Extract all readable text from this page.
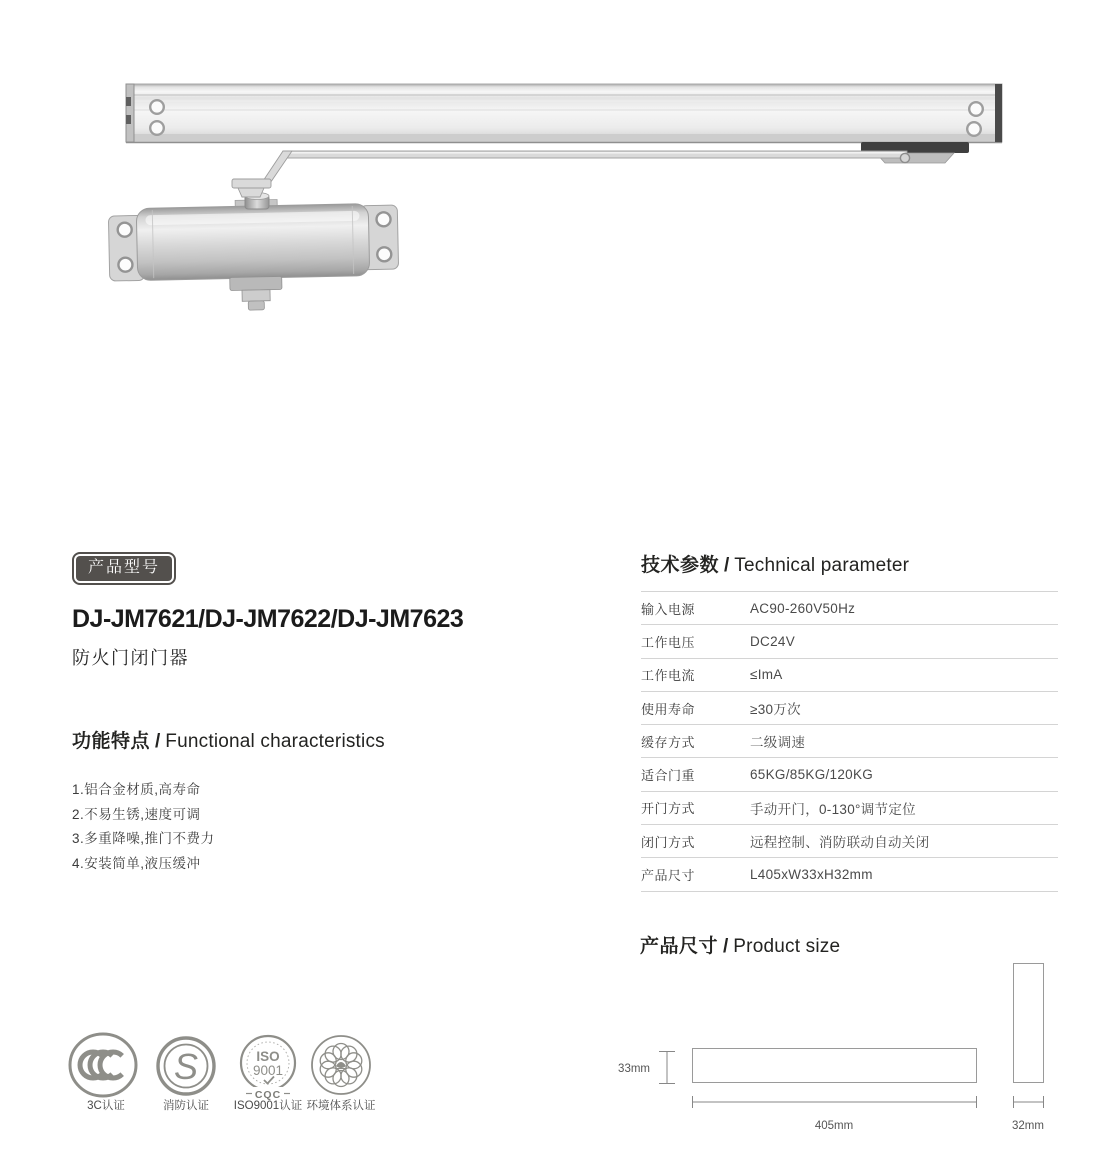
产品型号
DJ-JM7621/DJ-JM7622/DJ-JM7623
防火门闭门器
功能特点 / Functional characteristics
1.铝合金材质,高寿命
2.不易生锈,速度可调
3.多重降噪,推门不费力
4.安装简单,液压缓冲
技术参数 / Technical parameter
输入电源	AC90-260V50Hz
工作电压	DC24V
工作电流	≤ImA
使用寿命	≥30万次
缓存方式	二级调速
适合门重	65KG/85KG/120KG
开门方式	手动开门，0-130°调节定位
闭门方式	远程控制、消防联动自动关闭
产品尺寸	L405xW33xH32mm
产品尺寸 / Product size
33mm
405mm	32mm
S	ISO
9001
CQC
3C认证	消防认证 ISO9001认证 环境体系认证
